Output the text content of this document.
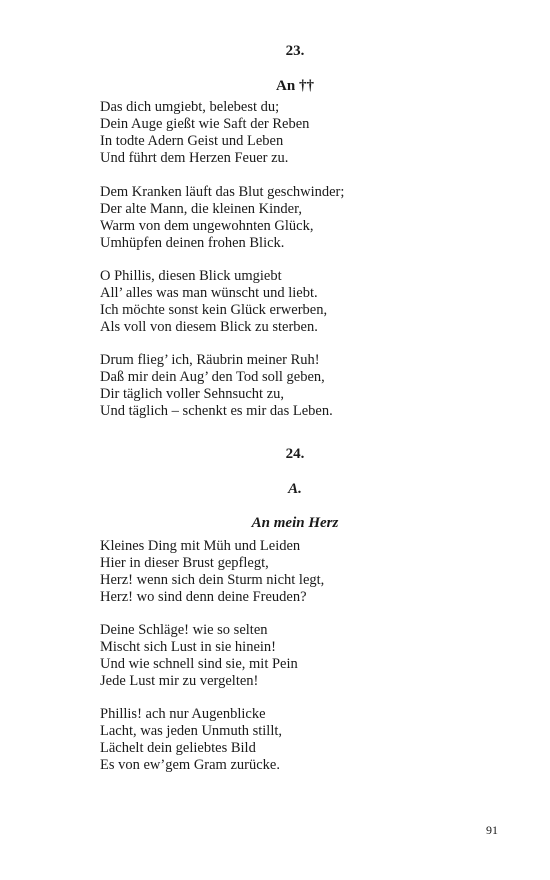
23.
An ††
Das dich umgiebt, belebest du;
Dein Auge gießt wie Saft der Reben
In todte Adern Geist und Leben
Und führt dem Herzen Feuer zu.
Dem Kranken läuft das Blut geschwinder;
Der alte Mann, die kleinen Kinder,
Warm von dem ungewohnten Glück,
Umhüpfen deinen frohen Blick.
O Phillis, diesen Blick umgiebt
All’ alles was man wünscht und liebt.
Ich möchte sonst kein Glück erwerben,
Als voll von diesem Blick zu sterben.
Drum flieg’ ich, Räubrin meiner Ruh!
Daß mir dein Aug’ den Tod soll geben,
Dir täglich voller Sehnsucht zu,
Und täglich – schenkt es mir das Leben.
24.
A.
An mein Herz
Kleines Ding mit Müh und Leiden
Hier in dieser Brust gepflegt,
Herz! wenn sich dein Sturm nicht legt,
Herz! wo sind denn deine Freuden?
Deine Schläge! wie so selten
Mischt sich Lust in sie hinein!
Und wie schnell sind sie, mit Pein
Jede Lust mir zu vergelten!
Phillis! ach nur Augenblicke
Lacht, was jeden Unmuth stillt,
Lächelt dein geliebtes Bild
Es von ew’gem Gram zurücke.
91
